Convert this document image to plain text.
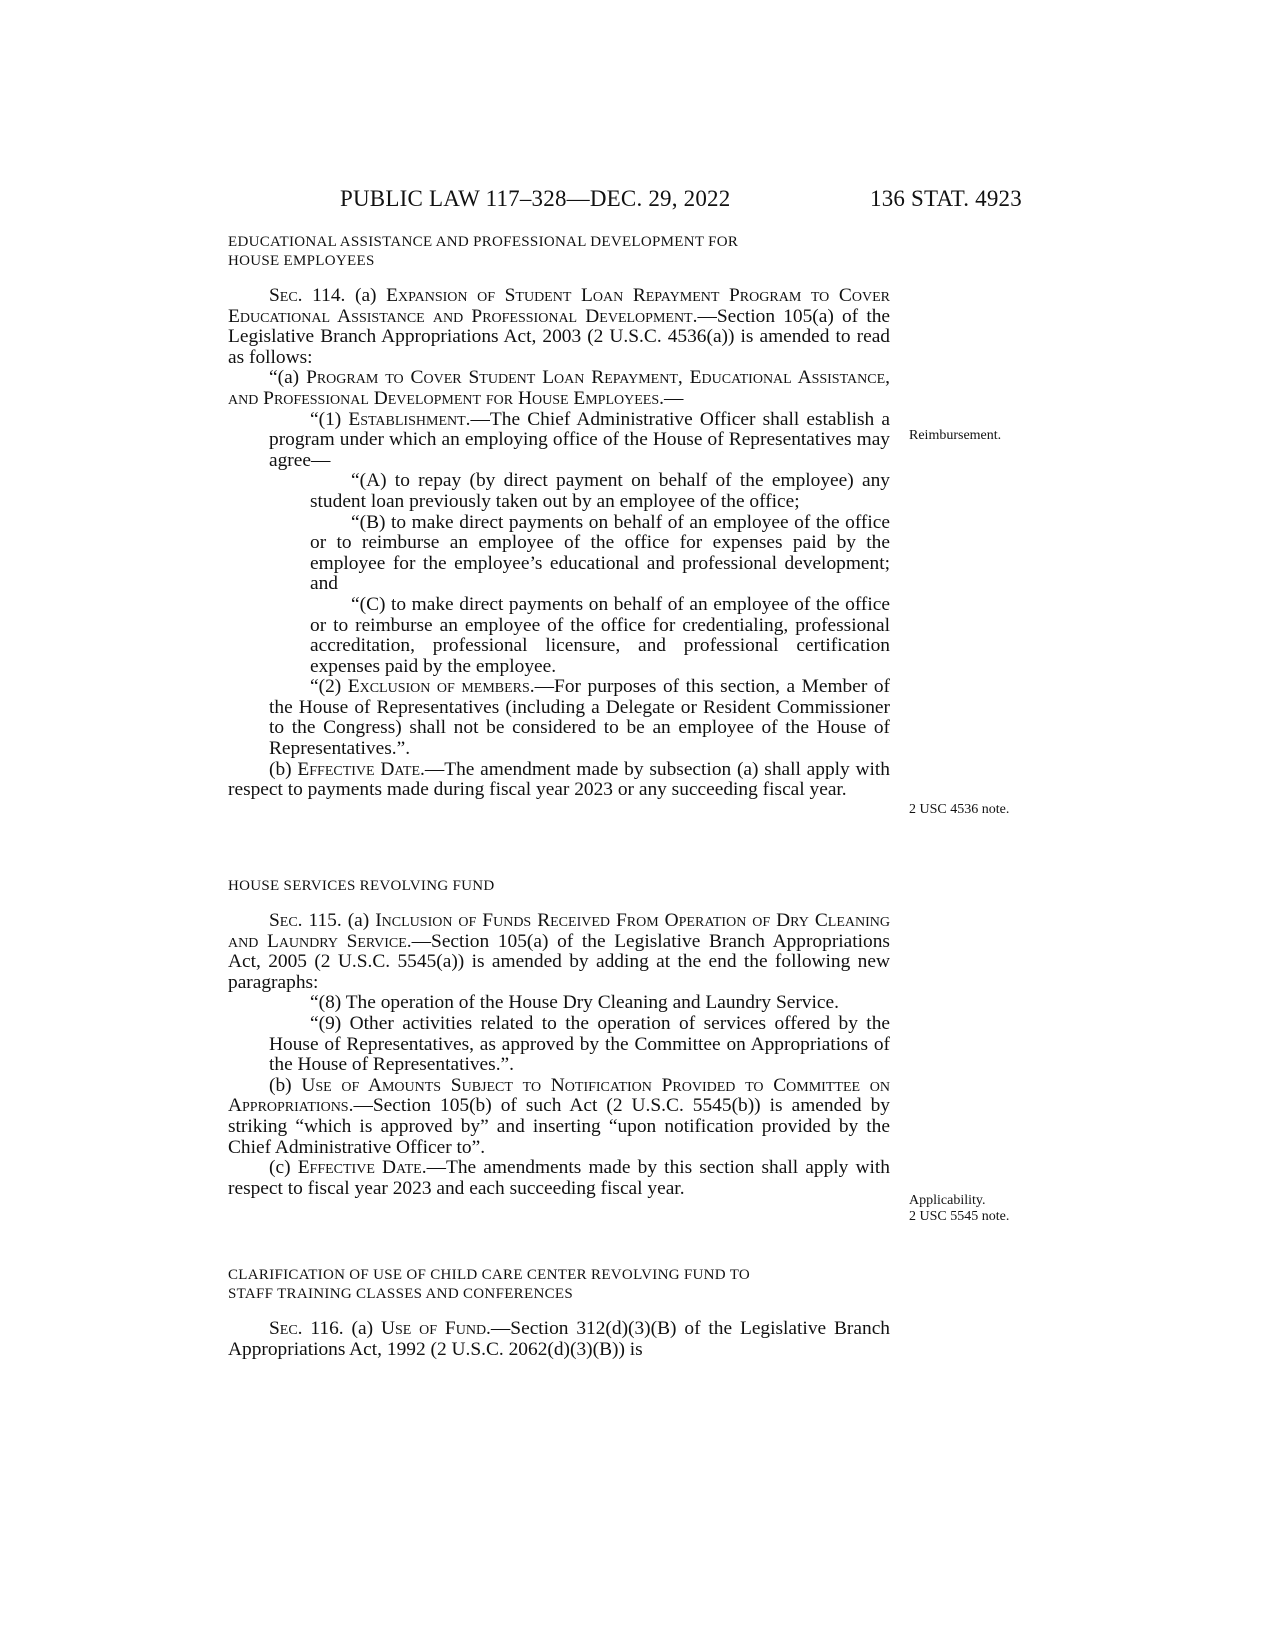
PUBLIC LAW 117–328—DEC. 29, 2022	136 STAT. 4923
EDUCATIONAL ASSISTANCE AND PROFESSIONAL DEVELOPMENT FOR
HOUSE EMPLOYEES

Sec. 114. (a) Expansion of Student Loan Repayment Program to Cover Educational Assistance and Professional Development.—Section 105(a) of the Legislative Branch Appropriations Act, 2003 (2 U.S.C. 4536(a)) is amended to read as follows:

“(a) Program to Cover Student Loan Repayment, Educational Assistance, and Professional Development for House Employees.—

“(1) Establishment.—The Chief Administrative Officer shall establish a program under which an employing office of the House of Representatives may agree—

“(A) to repay (by direct payment on behalf of the employee) any student loan previously taken out by an employee of the office;

“(B) to make direct payments on behalf of an employee of the office or to reimburse an employee of the office for expenses paid by the employee for the employee’s educational and professional development; and

“(C) to make direct payments on behalf of an employee of the office or to reimburse an employee of the office for credentialing, professional accreditation, professional licensure, and professional certification expenses paid by the employee.

“(2) Exclusion of members.—For purposes of this section, a Member of the House of Representatives (including a Delegate or Resident Commissioner to the Congress) shall not be considered to be an employee of the House of Representatives.”.

(b) Effective Date.—The amendment made by subsection (a) shall apply with respect to payments made during fiscal year 2023 or any succeeding fiscal year.

HOUSE SERVICES REVOLVING FUND

Sec. 115. (a) Inclusion of Funds Received From Operation of Dry Cleaning and Laundry Service.—Section 105(a) of the Legislative Branch Appropriations Act, 2005 (2 U.S.C. 5545(a)) is amended by adding at the end the following new paragraphs:

“(8) The operation of the House Dry Cleaning and Laundry Service.

“(9) Other activities related to the operation of services offered by the House of Representatives, as approved by the Committee on Appropriations of the House of Representatives.”.

(b) Use of Amounts Subject to Notification Provided to Committee on Appropriations.—Section 105(b) of such Act (2 U.S.C. 5545(b)) is amended by striking “which is approved by” and inserting “upon notification provided by the Chief Administrative Officer to”.

(c) Effective Date.—The amendments made by this section shall apply with respect to fiscal year 2023 and each succeeding fiscal year.

CLARIFICATION OF USE OF CHILD CARE CENTER REVOLVING FUND TO
STAFF TRAINING CLASSES AND CONFERENCES

Sec. 116. (a) Use of Fund.—Section 312(d)(3)(B) of the Legislative Branch Appropriations Act, 1992 (2 U.S.C. 2062(d)(3)(B)) is

Reimbursement.
2 USC 4536 note.
Applicability.
2 USC 5545 note.
